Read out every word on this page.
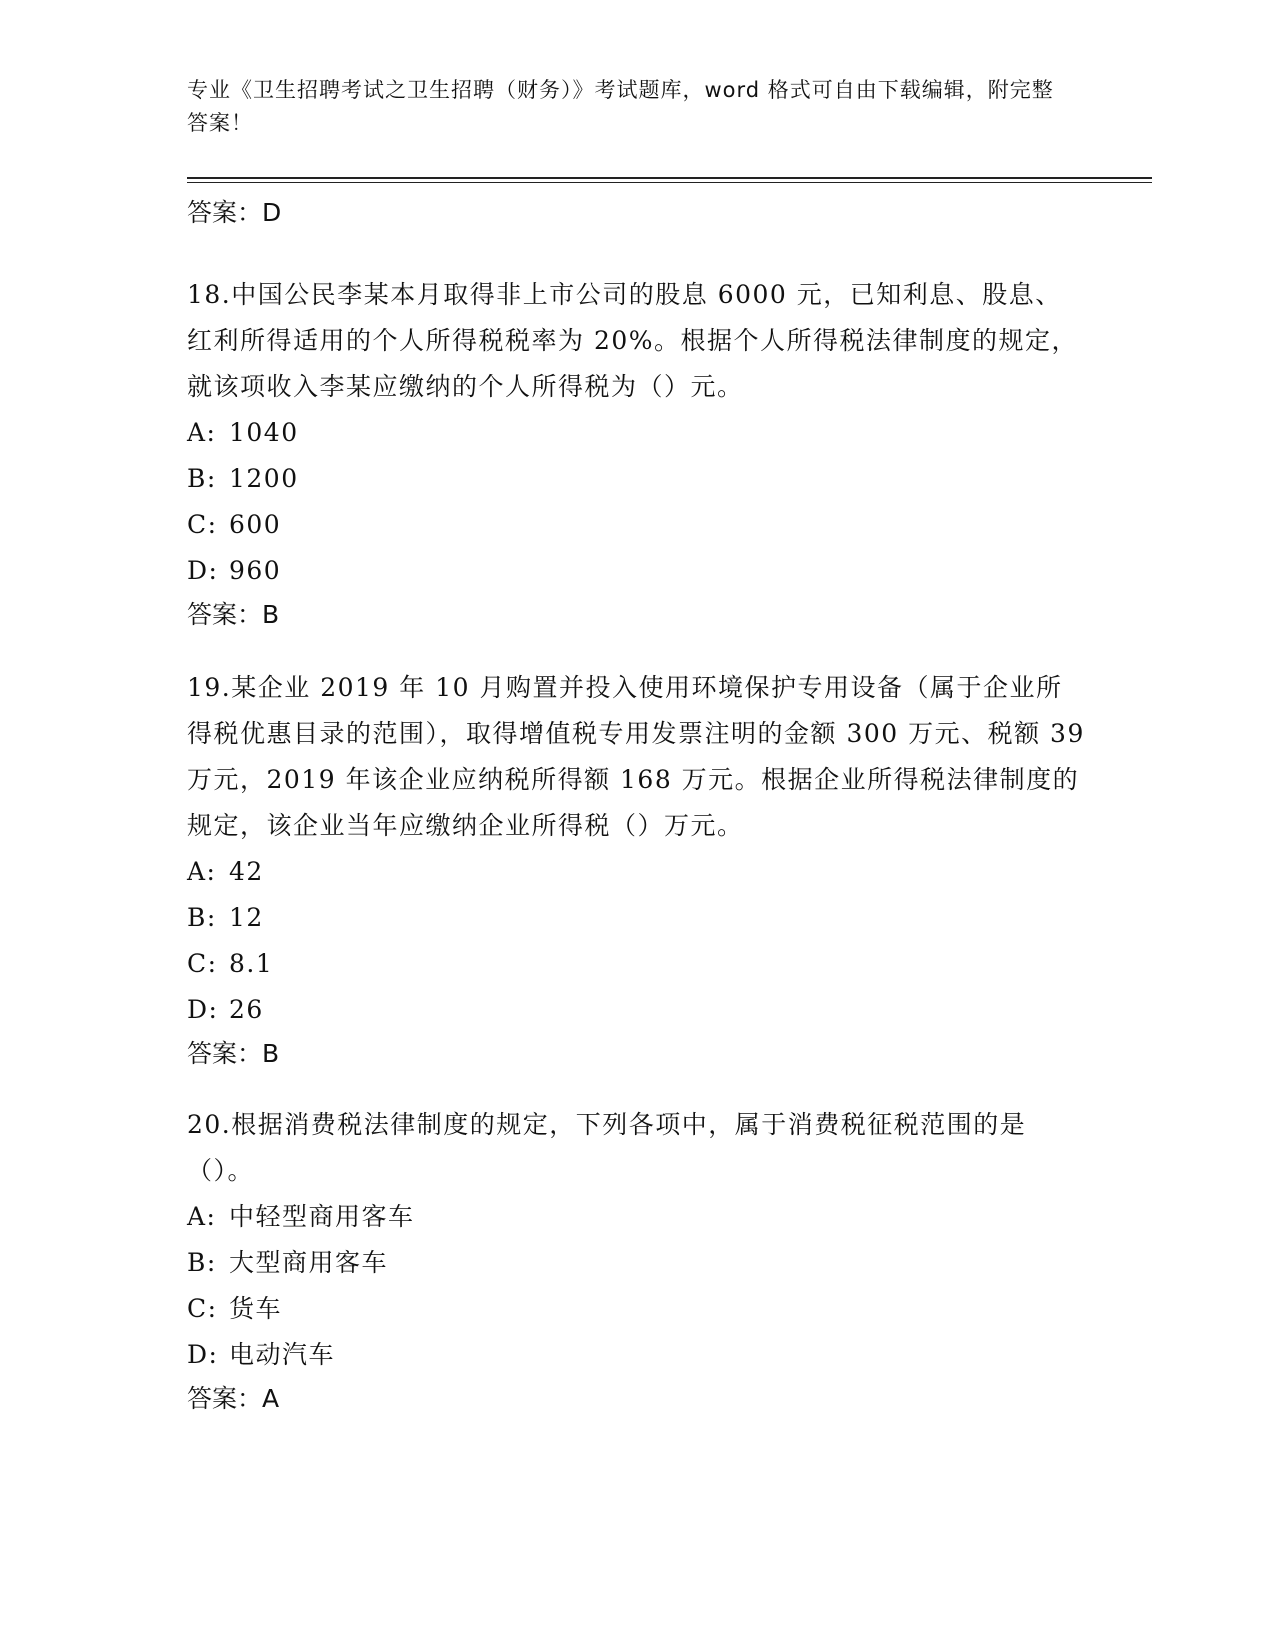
专业《卫生招聘考试之卫生招聘（财务）》考试题库，word 格式可自由下载编辑，附完整答案！
答案：D
18.中国公民李某本月取得非上市公司的股息 6000 元，已知利息、股息、红利所得适用的个人所得税税率为 20%。根据个人所得税法律制度的规定，就该项收入李某应缴纳的个人所得税为（）元。
A: 1040
B: 1200
C: 600
D: 960
答案：B
19.某企业 2019 年 10 月购置并投入使用环境保护专用设备（属于企业所得税优惠目录的范围），取得增值税专用发票注明的金额 300 万元、税额 39 万元，2019 年该企业应纳税所得额 168 万元。根据企业所得税法律制度的规定，该企业当年应缴纳企业所得税（）万元。
A: 42
B: 12
C: 8.1
D: 26
答案：B
20.根据消费税法律制度的规定，下列各项中，属于消费税征税范围的是（）。
A: 中轻型商用客车
B: 大型商用客车
C: 货车
D: 电动汽车
答案：A
